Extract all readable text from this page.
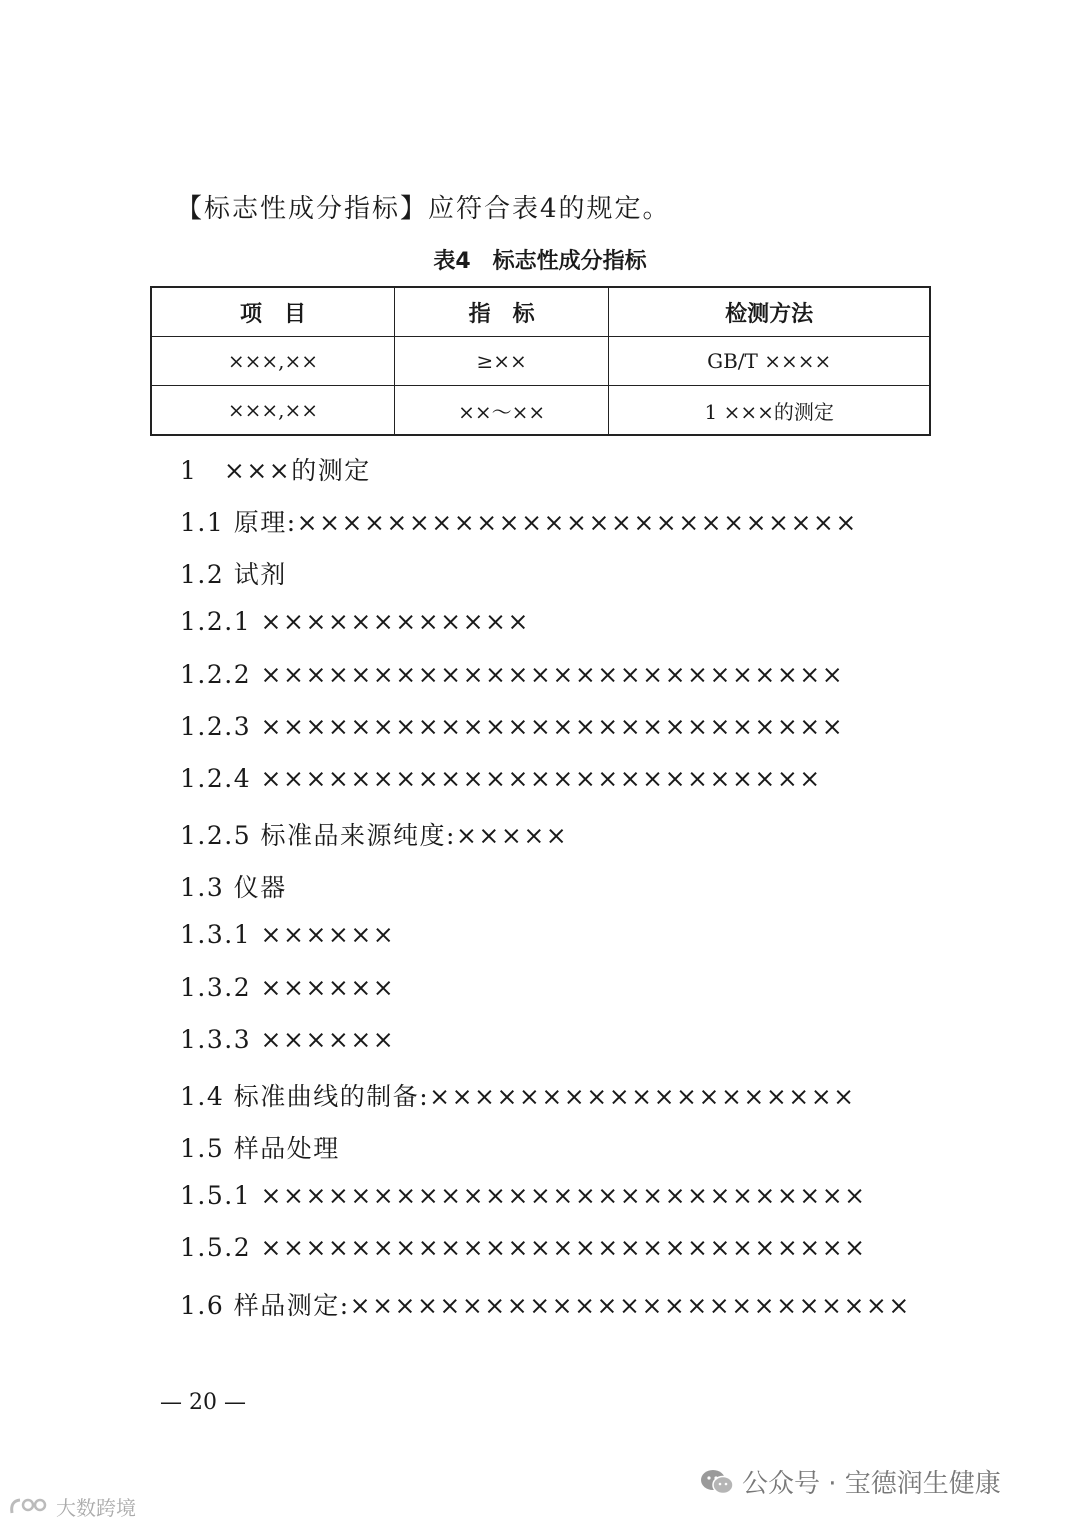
【标志性成分指标】应符合表4的规定。
表4　标志性成分指标
项　目	指　标	检测方法
×××,××	≥××	GB/T ××××
×××,××	××～××	1 ×××的测定
1　×××的测定
1.1 原理:×××××××××××××××××××××××××
1.2 试剂
1.2.1 ××××××××××××
1.2.2 ××××××××××××××××××××××××××
1.2.3 ××××××××××××××××××××××××××
1.2.4 ×××××××××××××××××××××××××
1.2.5 标准品来源纯度:×××××
1.3 仪器
1.3.1 ××××××
1.3.2 ××××××
1.3.3 ××××××
1.4 标准曲线的制备:×××××××××××××××××××
1.5 样品处理
1.5.1 ×××××××××××××××××××××××××××
1.5.2 ×××××××××××××××××××××××××××
1.6 样品测定:×××××××××××××××××××××××××
— 20 —
公众号 · 宝德润生健康
大数跨境
